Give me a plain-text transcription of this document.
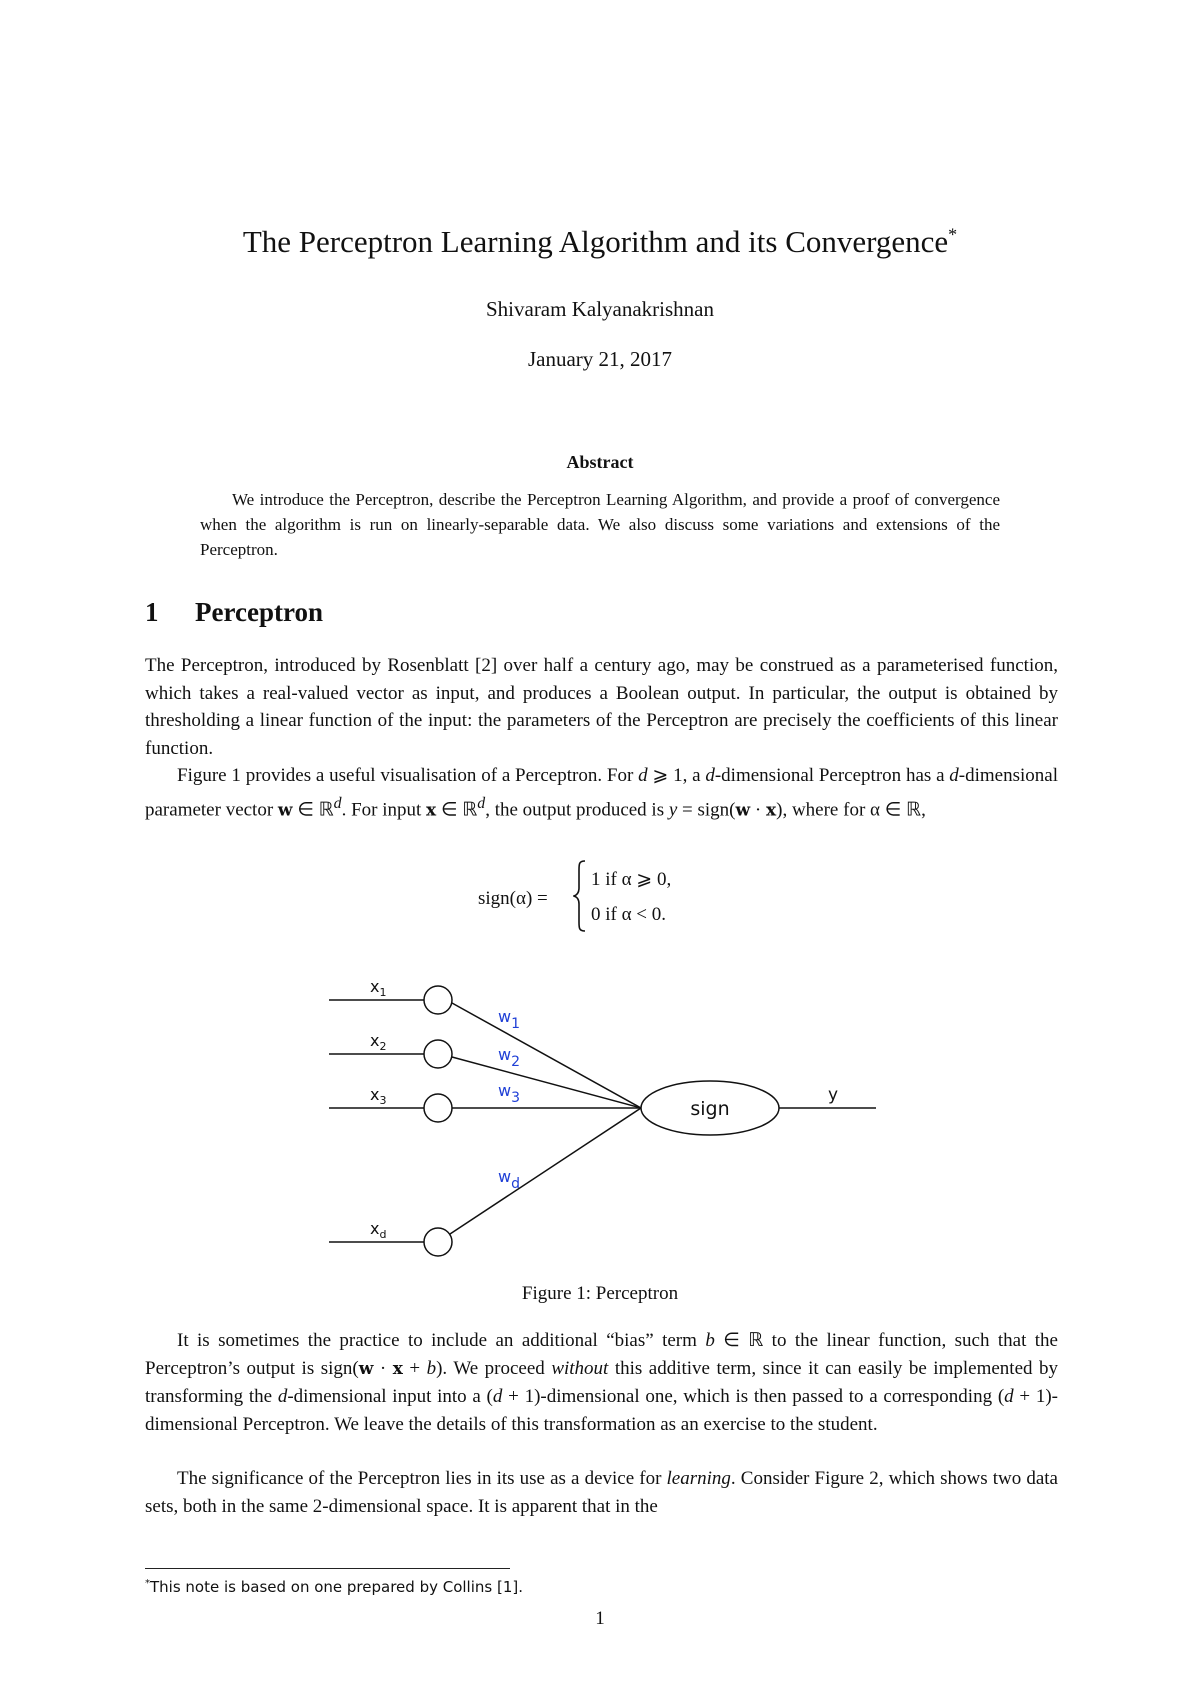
The Perceptron Learning Algorithm and its Convergence*
Shivaram Kalyanakrishnan
January 21, 2017
Abstract
We introduce the Perceptron, describe the Perceptron Learning Algorithm, and provide a proof of convergence when the algorithm is run on linearly-separable data. We also discuss some variations and extensions of the Perceptron.
1 Perceptron

The Perceptron, introduced by Rosenblatt [2] over half a century ago, may be construed as a parameterised function, which takes a real-valued vector as input, and produces a Boolean output. In particular, the output is obtained by thresholding a linear function of the input: the parameters of the Perceptron are precisely the coefficients of this linear function.

Figure 1 provides a useful visualisation of a Perceptron. For d ⩾ 1, a d-dimensional Perceptron has a d-dimensional parameter vector w ∈ ℝ$^d$. For input x ∈ ℝ$^d$, the output produced is y = sign(w · x), where for α ∈ ℝ,

sign(α) =
1 if α ⩾ 0,
0 if α < 0.
$x_1$
$x_2$
$x_3$
$x_d$
w1
w2
w3
wd
sign
y
Figure 1: Perceptron

It is sometimes the practice to include an additional “bias” term b ∈ ℝ to the linear function, such that the Perceptron’s output is sign(w · x + b). We proceed without this additive term, since it can easily be implemented by transforming the d-dimensional input into a (d + 1)-dimensional one, which is then passed to a corresponding (d + 1)-dimensional Perceptron. We leave the details of this transformation as an exercise to the student.

The significance of the Perceptron lies in its use as a device for learning. Consider Figure 2, which shows two data sets, both in the same 2-dimensional space. It is apparent that in the

*This note is based on one prepared by Collins [1].
1
